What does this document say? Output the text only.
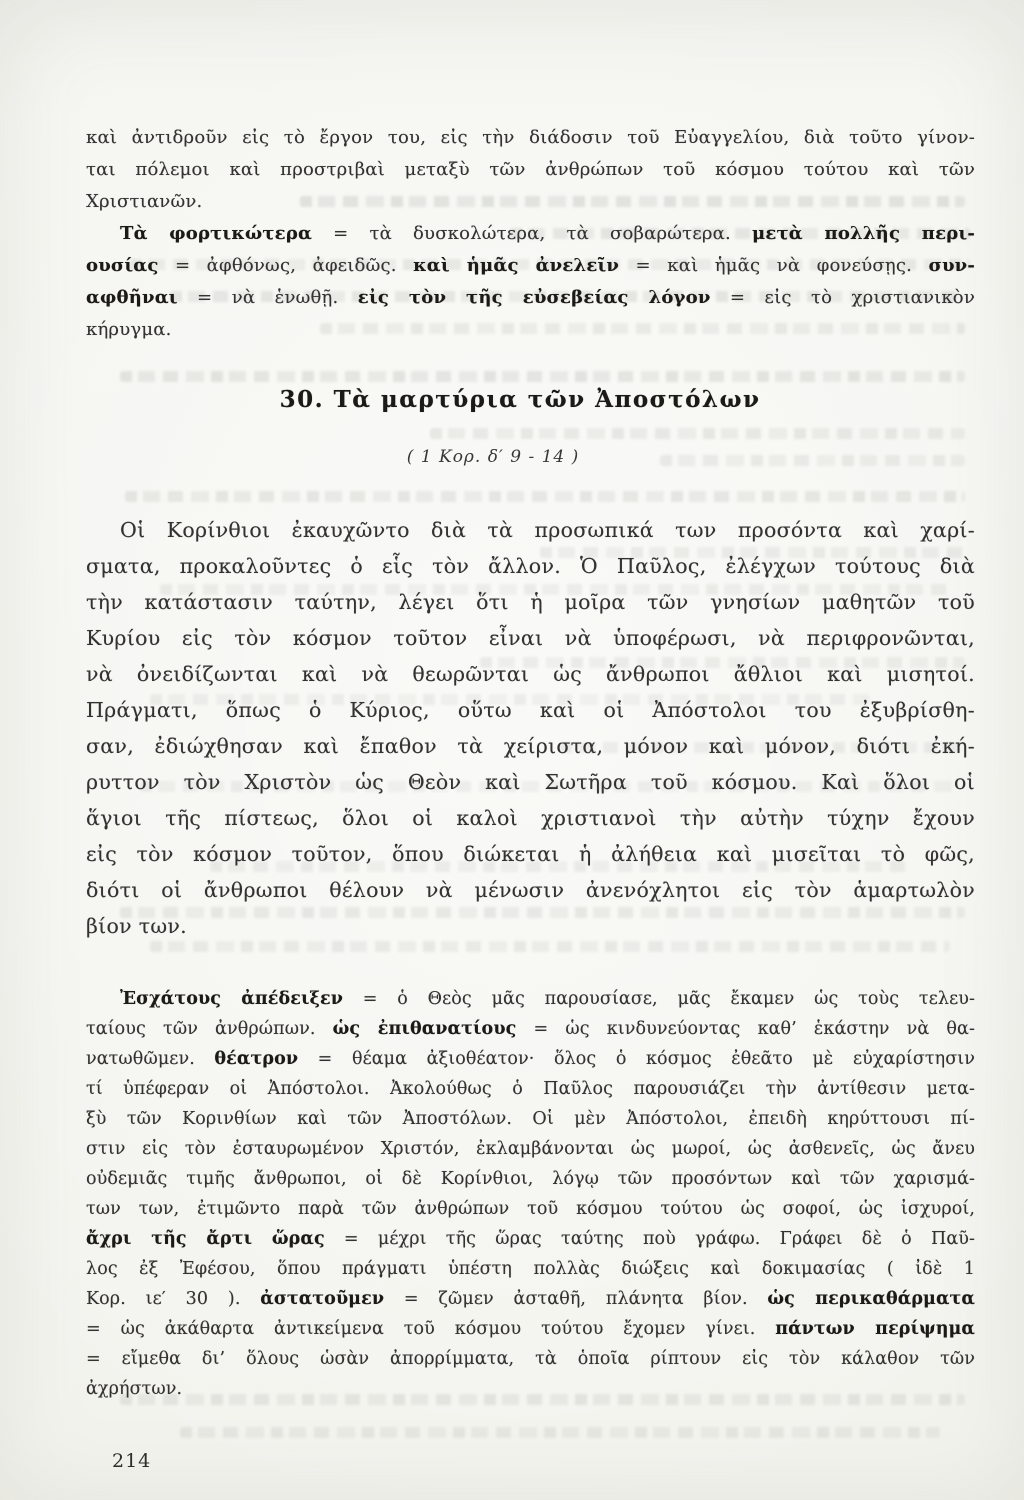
καὶ ἀντιδροῦν εἰς τὸ ἔργον του, εἰς τὴν διάδοσιν τοῦ Εὐαγγελίου, διὰ τοῦτο γίνον-
ται πόλεμοι καὶ προστριβαὶ μεταξὺ τῶν ἀνθρώπων τοῦ κόσμου τούτου καὶ τῶν
Χριστιανῶν.
Τὰ φορτικώτερα = τὰ δυσκολώτερα, τὰ σοβαρώτερα. μετὰ πολλῆς περι-
ουσίας = ἀφθόνως, ἀφειδῶς. καὶ ἡμᾶς ἀνελεῖν = καὶ ἡμᾶς νὰ φονεύσῃς. συν-
αφθῆναι = νὰ ἑνωθῇ. εἰς τὸν τῆς εὐσεβείας λόγον = εἰς τὸ χριστιανικὸν
κήρυγμα.
30. Τὰ μαρτύρια τῶν Ἀποστόλων
( 1 Κορ. δ′ 9 - 14 )
Οἱ Κορίνθιοι ἐκαυχῶντο διὰ τὰ προσωπικά των προσόντα καὶ χαρί-
σματα, προκαλοῦντες ὁ εἷς τὸν ἄλλον. Ὁ Παῦλος, ἐλέγχων τούτους διὰ
τὴν κατάστασιν ταύτην, λέγει ὅτι ἡ μοῖρα τῶν γνησίων μαθητῶν τοῦ
Κυρίου εἰς τὸν κόσμον τοῦτον εἶναι νὰ ὑποφέρωσι, νὰ περιφρονῶνται,
νὰ ὀνειδίζωνται καὶ νὰ θεωρῶνται ὡς ἄνθρωποι ἄθλιοι καὶ μισητοί.
Πράγματι, ὅπως ὁ Κύριος, οὕτω καὶ οἱ Ἀπόστολοι του ἐξυβρίσθη-
σαν, ἐδιώχθησαν καὶ ἔπαθον τὰ χείριστα, μόνον καὶ μόνον, διότι ἐκή-
ρυττον τὸν Χριστὸν ὡς Θεὸν καὶ Σωτῆρα τοῦ κόσμου. Καὶ ὅλοι οἱ
ἅγιοι τῆς πίστεως, ὅλοι οἱ καλοὶ χριστιανοὶ τὴν αὐτὴν τύχην ἔχουν
εἰς τὸν κόσμον τοῦτον, ὅπου διώκεται ἡ ἀλήθεια καὶ μισεῖται τὸ φῶς,
διότι οἱ ἄνθρωποι θέλουν νὰ μένωσιν ἀνενόχλητοι εἰς τὸν ἁμαρτωλὸν
βίον των.
Ἐσχάτους ἀπέδειξεν = ὁ Θεὸς μᾶς παρουσίασε, μᾶς ἔκαμεν ὡς τοὺς τελευ-
ταίους τῶν ἀνθρώπων. ὡς ἐπιθανατίους = ὡς κινδυνεύοντας καθ’ ἑκάστην νὰ θα-
νατωθῶμεν. θέατρον = θέαμα ἀξιοθέατον· ὅλος ὁ κόσμος ἐθεᾶτο μὲ εὐχαρίστησιν
τί ὑπέφεραν οἱ Ἀπόστολοι. Ἀκολούθως ὁ Παῦλος παρουσιάζει τὴν ἀντίθεσιν μετα-
ξὺ τῶν Κορινθίων καὶ τῶν Ἀποστόλων. Οἱ μὲν Ἀπόστολοι, ἐπειδὴ κηρύττουσι πί-
στιν εἰς τὸν ἐσταυρωμένον Χριστόν, ἐκλαμβάνονται ὡς μωροί, ὡς ἀσθενεῖς, ὡς ἄνευ
οὐδεμιᾶς τιμῆς ἄνθρωποι, οἱ δὲ Κορίνθιοι, λόγῳ τῶν προσόντων καὶ τῶν χαρισμά-
των των, ἐτιμῶντο παρὰ τῶν ἀνθρώπων τοῦ κόσμου τούτου ὡς σοφοί, ὡς ἰσχυροί,
ἄχρι τῆς ἄρτι ὥρας = μέχρι τῆς ὥρας ταύτης ποὺ γράφω. Γράφει δὲ ὁ Παῦ-
λος ἐξ Ἐφέσου, ὅπου πράγματι ὑπέστη πολλὰς διώξεις καὶ δοκιμασίας ( ἰδὲ 1
Κορ. ιε′ 30 ). ἀστατοῦμεν = ζῶμεν ἀσταθῆ, πλάνητα βίον. ὡς περικαθάρματα
= ὡς ἀκάθαρτα ἀντικείμενα τοῦ κόσμου τούτου ἔχομεν γίνει. πάντων περίψημα
= εἴμεθα δι’ ὅλους ὡσὰν ἀπορρίμματα, τὰ ὁποῖα ρίπτουν εἰς τὸν κάλαθον τῶν
ἀχρήστων.
214
